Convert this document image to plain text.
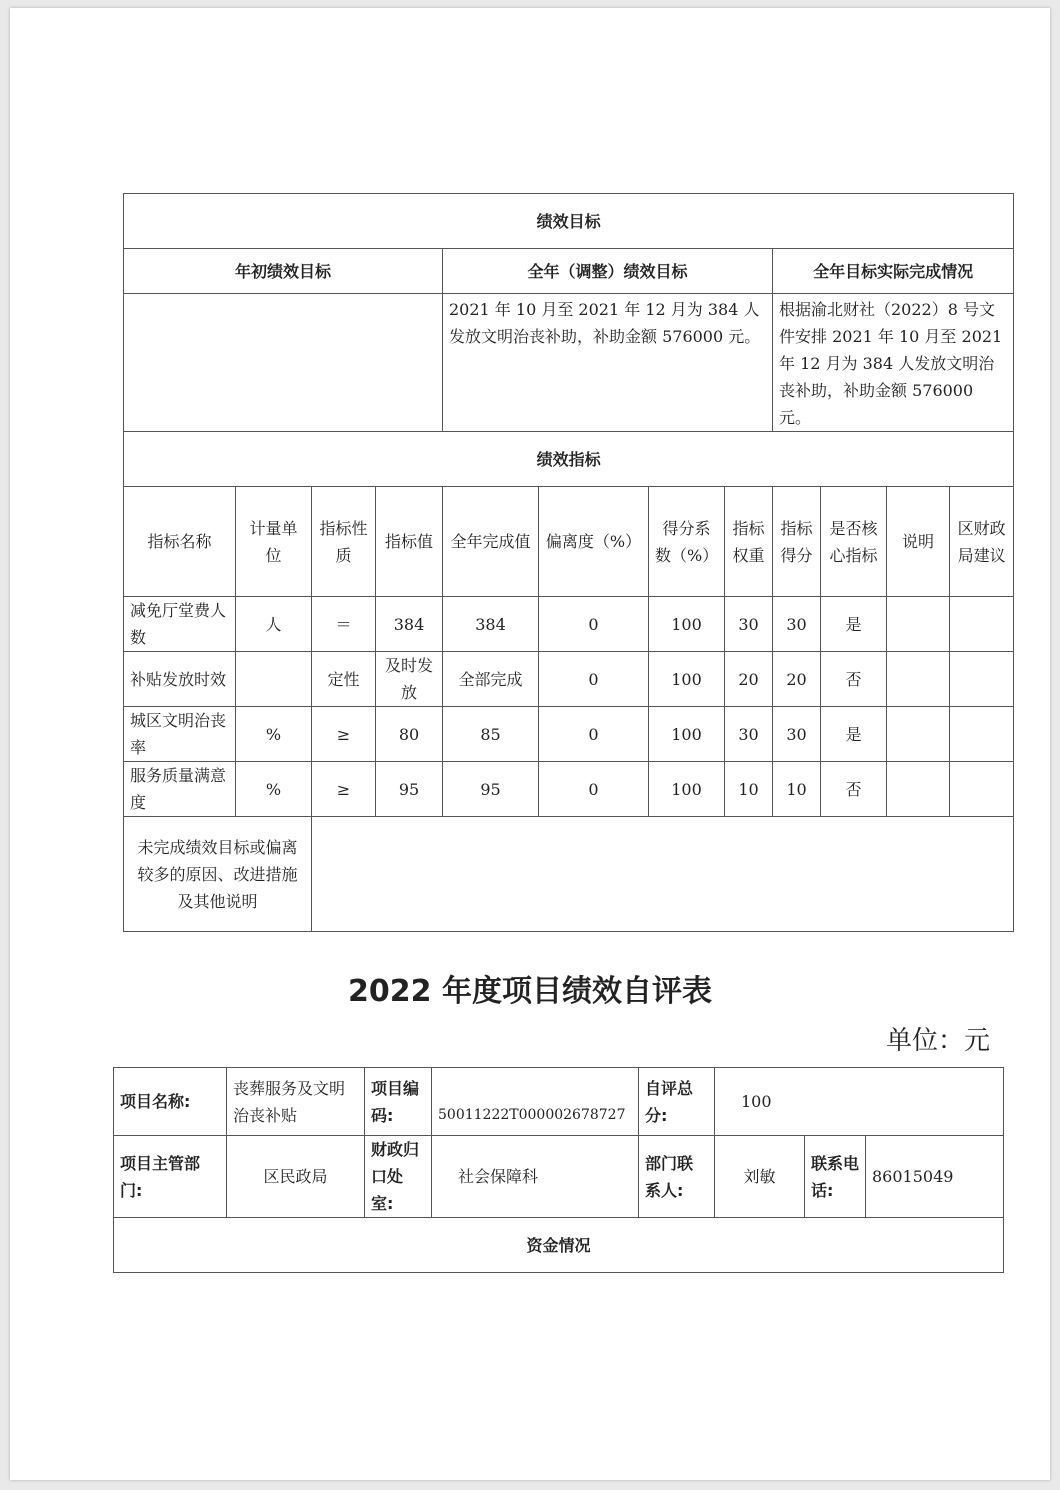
绩效目标											
年初绩效目标				全年（调整）绩效目标				全年目标实际完成情况			
				2021 年 10 月至 2021 年 12 月为 384 人发放文明治丧补助，补助金额 576000 元。				根据渝北财社（2022）8 号文件安排 2021 年 10 月至 2021 年 12 月为 384 人发放文明治丧补助，补助金额 576000 元。			
绩效指标											
指标名称	计量单位	指标性质	指标值	全年完成值	偏离度（%）	得分系数（%）	指标权重	指标得分	是否核心指标	说明	区财政局建议
减免厅堂费人数	人	＝	384	384	0	100	30	30	是		
补贴发放时效		定性	及时发放	全部完成	0	100	20	20	否		
城区文明治丧率	%	≥	80	85	0	100	30	30	是		
服务质量满意度	%	≥	95	95	0	100	10	10	否		
未完成绩效目标或偏离较多的原因、改进措施及其他说明											
2022 年度项目绩效自评表
单位：元
项目名称:	丧葬服务及文明治丧补贴	项目编码:	50011222T000002678727	自评总分:	100		
项目主管部门:	区民政局	财政归口处室:	社会保障科	部门联系人:	刘敏	联系电话:	86015049
资金情况							
